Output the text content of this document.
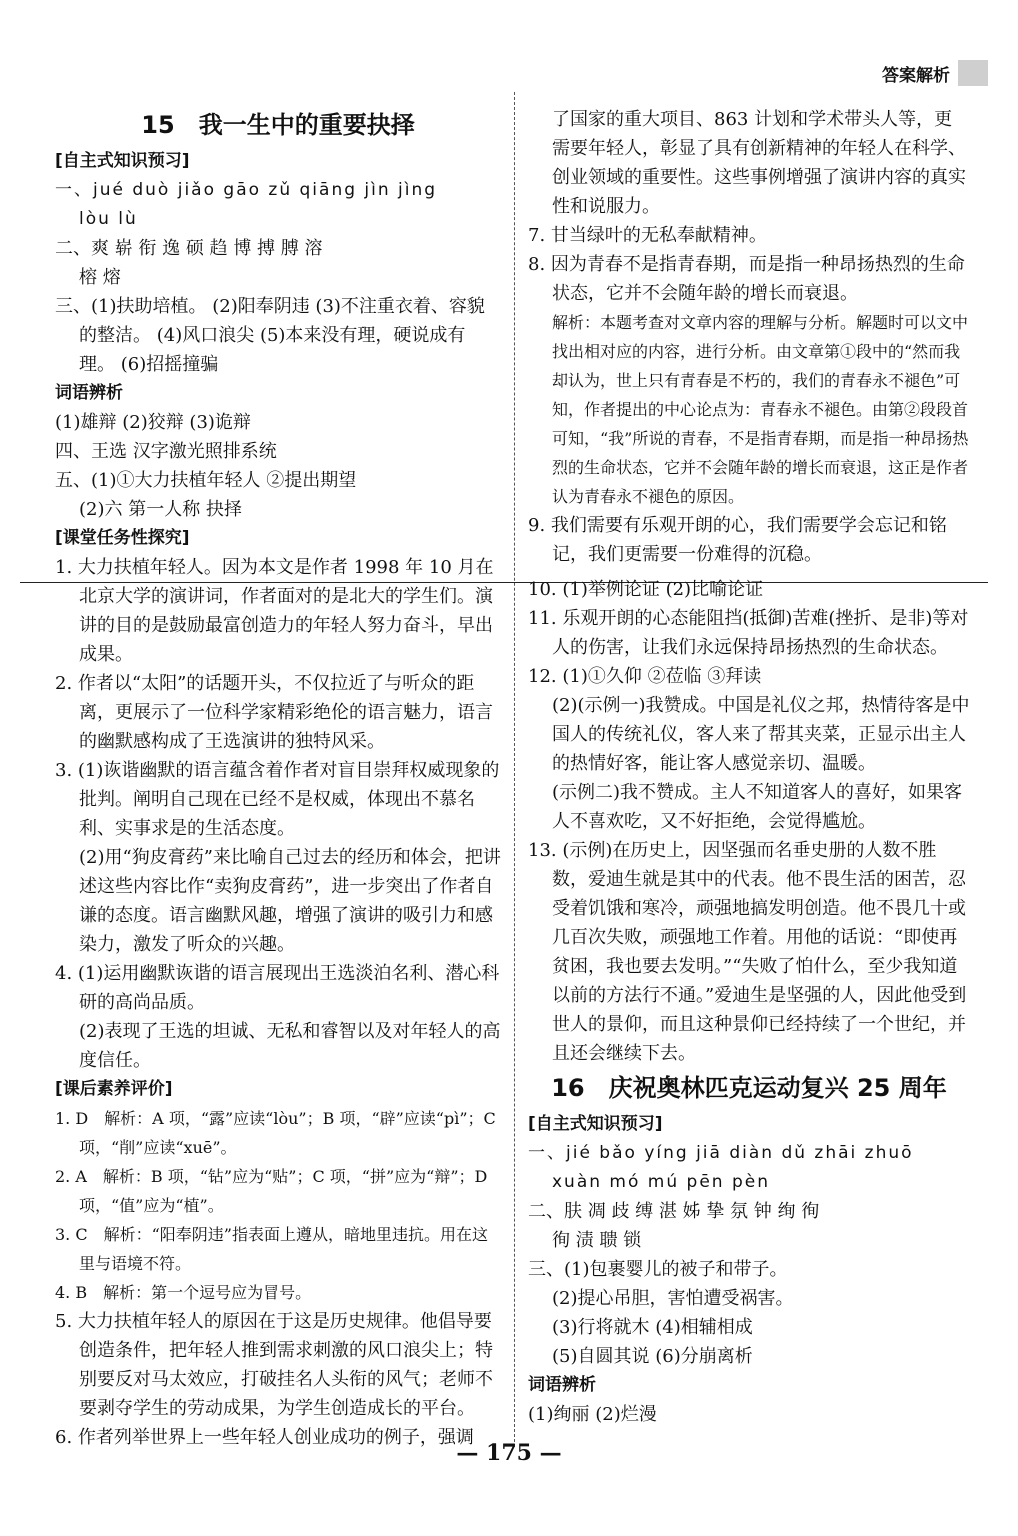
答案解析
15　我一生中的重要抉择
[自主式知识预习]
一、jué duò jiǎo gāo zǔ qiāng jìn jìng
lòu lù
二、爽 崭 衔 逸 硕 趋 博 搏 膊 溶
榕 熔
三、(1)扶助培植。 (2)阳奉阴违 (3)不注重衣着、容貌的整洁。 (4)风口浪尖 (5)本来没有理，硬说成有理。 (6)招摇撞骗
词语辨析
(1)雄辩 (2)狡辩 (3)诡辩
四、王选 汉字激光照排系统
五、(1)①大力扶植年轻人 ②提出期望
(2)六 第一人称 抉择
[课堂任务性探究]
1. 大力扶植年轻人。因为本文是作者 1998 年 10 月在北京大学的演讲词，作者面对的是北大的学生们。演讲的目的是鼓励最富创造力的年轻人努力奋斗，早出成果。
2. 作者以“太阳”的话题开头，不仅拉近了与听众的距离，更展示了一位科学家精彩绝伦的语言魅力，语言的幽默感构成了王选演讲的独特风采。
3. (1)诙谐幽默的语言蕴含着作者对盲目崇拜权威现象的批判。阐明自己现在已经不是权威，体现出不慕名利、实事求是的生活态度。
(2)用“狗皮膏药”来比喻自己过去的经历和体会，把讲述这些内容比作“卖狗皮膏药”，进一步突出了作者自谦的态度。语言幽默风趣，增强了演讲的吸引力和感染力，激发了听众的兴趣。
4. (1)运用幽默诙谐的语言展现出王选淡泊名利、潜心科研的高尚品质。
(2)表现了王选的坦诚、无私和睿智以及对年轻人的高度信任。
[课后素养评价]
1. D　解析：A 项，“露”应读“lòu”；B 项，“辟”应读“pì”；C 项，“削”应读“xuē”。
2. A　解析：B 项，“钻”应为“贴”；C 项，“拼”应为“辩”；D 项，“值”应为“植”。
3. C　解析：“阳奉阴违”指表面上遵从，暗地里违抗。用在这里与语境不符。
4. B　解析：第一个逗号应为冒号。
5. 大力扶植年轻人的原因在于这是历史规律。他倡导要创造条件，把年轻人推到需求刺激的风口浪尖上；特别要反对马太效应，打破挂名人头衔的风气；老师不要剥夺学生的劳动成果，为学生创造成长的平台。
6. 作者列举世界上一些年轻人创业成功的例子，强调
了国家的重大项目、863 计划和学术带头人等，更需要年轻人，彰显了具有创新精神的年轻人在科学、创业领域的重要性。这些事例增强了演讲内容的真实性和说服力。
7. 甘当绿叶的无私奉献精神。
8. 因为青春不是指青春期，而是指一种昂扬热烈的生命状态，它并不会随年龄的增长而衰退。
解析：本题考查对文章内容的理解与分析。解题时可以文中找出相对应的内容，进行分析。由文章第①段中的“然而我却认为，世上只有青春是不朽的，我们的青春永不褪色”可知，作者提出的中心论点为：青春永不褪色。由第②段段首可知，“我”所说的青春，不是指青春期，而是指一种昂扬热烈的生命状态，它并不会随年龄的增长而衰退，这正是作者认为青春永不褪色的原因。
9. 我们需要有乐观开朗的心，我们需要学会忘记和铭记，我们更需要一份难得的沉稳。
10. (1)举例论证 (2)比喻论证
11. 乐观开朗的心态能阻挡(抵御)苦难(挫折、是非)等对人的伤害，让我们永远保持昂扬热烈的生命状态。
12. (1)①久仰 ②莅临 ③拜读
(2)(示例一)我赞成。中国是礼仪之邦，热情待客是中国人的传统礼仪，客人来了帮其夹菜，正显示出主人的热情好客，能让客人感觉亲切、温暖。
(示例二)我不赞成。主人不知道客人的喜好，如果客人不喜欢吃，又不好拒绝，会觉得尴尬。
13. (示例)在历史上，因坚强而名垂史册的人数不胜数，爱迪生就是其中的代表。他不畏生活的困苦，忍受着饥饿和寒冷，顽强地搞发明创造。他不畏几十或几百次失败，顽强地工作着。用他的话说：“即使再贫困，我也要去发明。”“失败了怕什么，至少我知道以前的方法行不通。”爱迪生是坚强的人，因此他受到世人的景仰，而且这种景仰已经持续了一个世纪，并且还会继续下去。
16　庆祝奥林匹克运动复兴 25 周年
[自主式知识预习]
一、jié bǎo yíng jiā diàn dǔ zhāi zhuō
xuàn mó mú pēn pèn
二、肤 凋 歧 缚 湛 姊 挚 氛 钟 绚 徇
徇 渍 聩 锁
三、(1)包裹婴儿的被子和带子。
(2)提心吊胆，害怕遭受祸害。
(3)行将就木 (4)相辅相成
(5)自圆其说 (6)分崩离析
词语辨析
(1)绚丽 (2)烂漫
— 175 —
